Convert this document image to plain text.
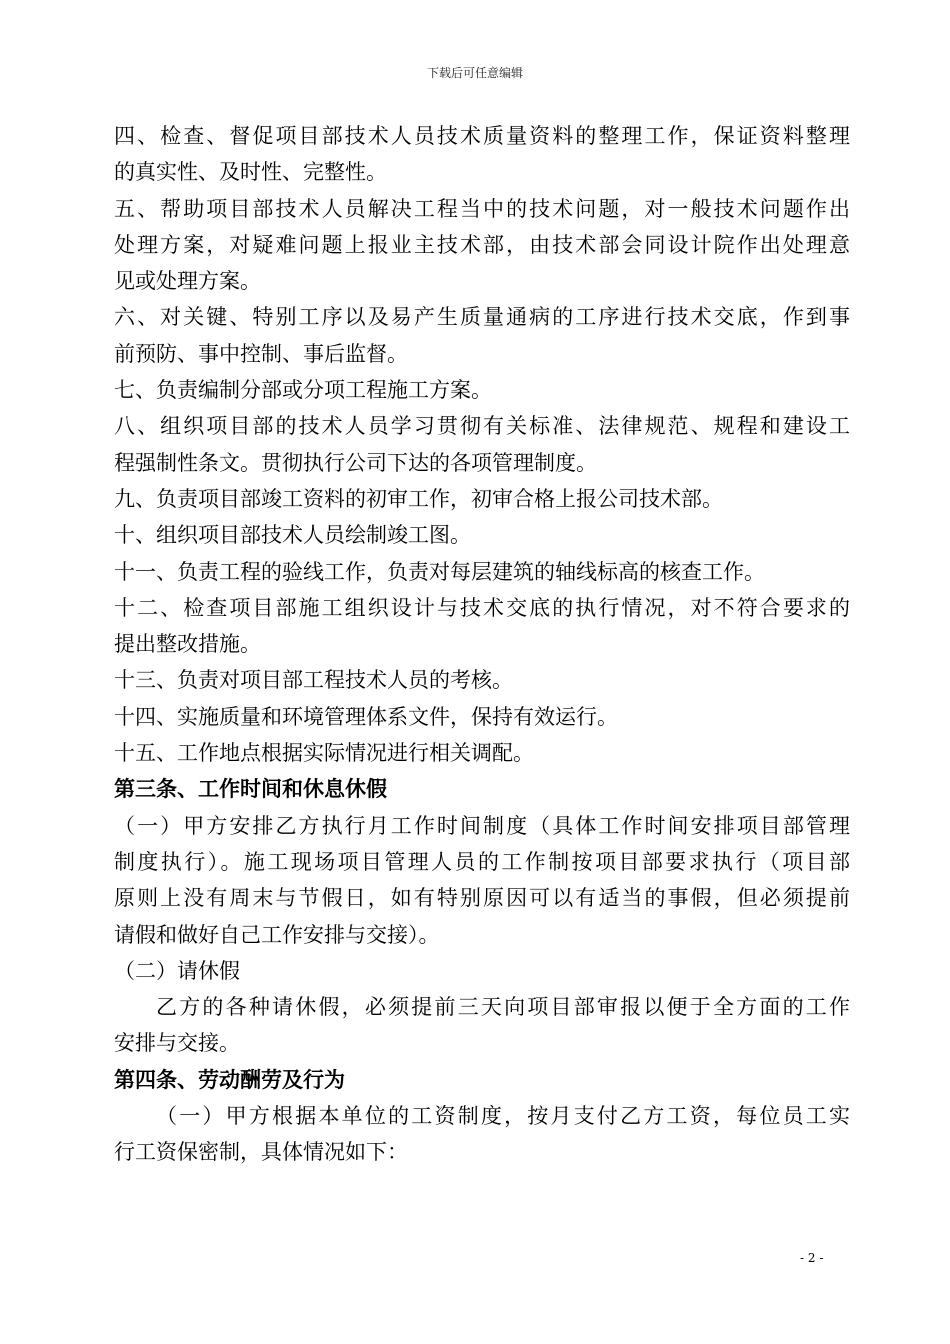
下载后可任意编辑
四、检查、督促项目部技术人员技术质量资料的整理工作，保证资料整理
的真实性、及时性、完整性。
五、帮助项目部技术人员解决工程当中的技术问题，对一般技术问题作出
处理方案，对疑难问题上报业主技术部，由技术部会同设计院作出处理意
见或处理方案。
六、对关键、特别工序以及易产生质量通病的工序进行技术交底，作到事
前预防、事中控制、事后监督。
七、负责编制分部或分项工程施工方案。
八、组织项目部的技术人员学习贯彻有关标准、法律规范、规程和建设工
程强制性条文。贯彻执行公司下达的各项管理制度。
九、负责项目部竣工资料的初审工作，初审合格上报公司技术部。
十、组织项目部技术人员绘制竣工图。
十一、负责工程的验线工作，负责对每层建筑的轴线标高的核查工作。
十二、检查项目部施工组织设计与技术交底的执行情况，对不符合要求的
提出整改措施。
十三、负责对项目部工程技术人员的考核。
十四、实施质量和环境管理体系文件，保持有效运行。
十五、工作地点根据实际情况进行相关调配。
第三条、工作时间和休息休假
（一）甲方安排乙方执行月工作时间制度（具体工作时间安排项目部管理
制度执行）。施工现场项目管理人员的工作制按项目部要求执行（项目部
原则上没有周末与节假日，如有特别原因可以有适当的事假，但必须提前
请假和做好自己工作安排与交接）。
（二）请休假
乙方的各种请休假，必须提前三天向项目部审报以便于全方面的工作
安排与交接。
第四条、劳动酬劳及行为
（一）甲方根据本单位的工资制度，按月支付乙方工资，每位员工实
行工资保密制，具体情况如下：
- 2 -
